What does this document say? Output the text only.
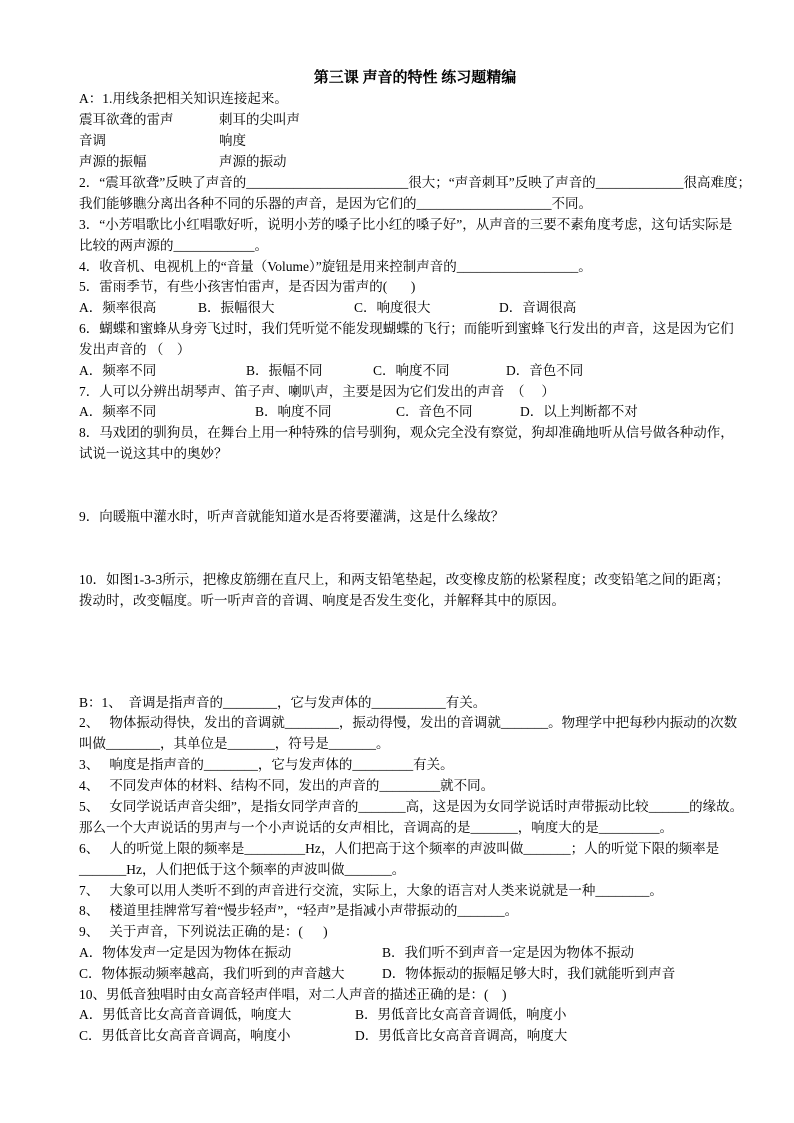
第三课 声音的特性 练习题精编
A：1.用线条把相关知识连接起来。
震耳欲聋的雷声	刺耳的尖叫声
音调	响度
声源的振幅	声源的振动
2．“震耳欲聋”反映了声音的________________________很大；“声音刺耳”反映了声音的_____________很高难度；
我们能够瞧分离出各种不同的乐器的声音，是因为它们的____________________不同。
3．“小芳唱歌比小红唱歌好听，说明小芳的嗓子比小红的嗓子好”，从声音的三要不素角度考虑，这句话实际是
比较的两声源的____________。
4．收音机、电视机上的“音量（Volume）”旋钮是用来控制声音的__________________。
5．雷雨季节，有些小孩害怕雷声，是否因为雷声的(       )
A．频率很高	B．振幅很大	C．响度很大	D．音调很高
6．蝴蝶和蜜蜂从身旁飞过时，我们凭听觉不能发现蝴蝶的飞行；而能听到蜜蜂飞行发出的声音，这是因为它们
发出声音的 （    ）
A．频率不同	B．振幅不同	C．响度不同	D．音色不同
7．人可以分辨出胡琴声、笛子声、喇叭声，主要是因为它们发出的声音  （     ）
A．频率不同	B．响度不同	C．音色不同	D．以上判断都不对
8．马戏团的驯狗员，在舞台上用一种特殊的信号驯狗，观众完全没有察觉，狗却准确地听从信号做各种动作，
试说一说这其中的奥妙？
9．向暖瓶中灌水时，听声音就能知道水是否将要灌满，这是什么缘故？
10．如图1-3-3所示，把橡皮筋绷在直尺上，和两支铅笔垫起，改变橡皮筋的松紧程度；改变铅笔之间的距离；
拨动时，改变幅度。听一听声音的音调、响度是否发生变化，并解释其中的原因。
B：1、  音调是指声音的________，它与发声体的___________有关。
2、   物体振动得快，发出的音调就________，振动得慢，发出的音调就_______。物理学中把每秒内振动的次数
叫做________，其单位是_______，符号是_______。
3、   响度是指声音的________，它与发声体的_________有关。
4、   不同发声体的材料、结构不同，发出的声音的_________就不同。
5、   女同学说话声音尖细”，是指女同学声音的_______高，这是因为女同学说话时声带振动比较______的缘故。
那么一个大声说话的男声与一个小声说话的女声相比，音调高的是_______，响度大的是_________。
6、   人的听觉上限的频率是_________Hz，人们把高于这个频率的声波叫做_______；人的听觉下限的频率是
_______Hz，人们把低于这个频率的声波叫做_______。
7、   大象可以用人类听不到的声音进行交流，实际上，大象的语言对人类来说就是一种________。
8、   楼道里挂牌常写着“慢步轻声”，“轻声”是指减小声带振动的_______。
9、   关于声音，下列说法正确的是：(      )
A．物体发声一定是因为物体在振动	B．我们听不到声音一定是因为物体不振动
C．物体振动频率越高，我们听到的声音越大	D．物体振动的振幅足够大时，我们就能听到声音
10、男低音独唱时由女高音轻声伴唱，对二人声音的描述正确的是：(    )
A．男低音比女高音音调低，响度大	B．男低音比女高音音调低，响度小
C．男低音比女高音音调高，响度小	D．男低音比女高音音调高，响度大
